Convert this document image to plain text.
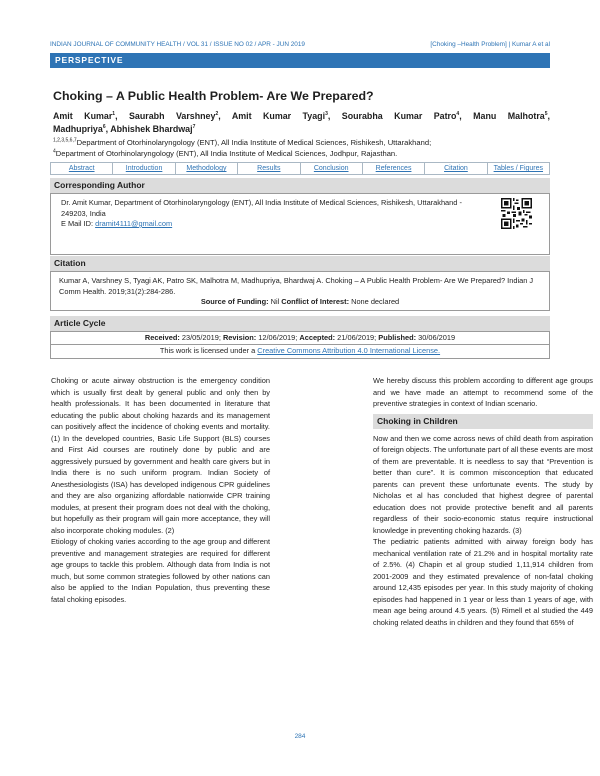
INDIAN JOURNAL OF COMMUNITY HEALTH / VOL 31 / ISSUE NO 02 / APR - JUN 2019	[Choking –Health Problem] | Kumar A et al
PERSPECTIVE
Choking – A Public Health Problem- Are We Prepared?
Amit Kumar$^1$, Saurabh Varshney$^2$, Amit Kumar Tyagi$^3$, Sourabha Kumar Patro$^4$, Manu Malhotra$^5$,
Madhupriya$^6$, Abhishek Bhardwaj$^7$
$^{1,2,3,5,6,7}$Department of Otorhinolaryngology (ENT), All India Institute of Medical Sciences, Rishikesh, Uttarakhand;
$^4$Department of Otorhinolaryngology (ENT), All India Institute of Medical Sciences, Jodhpur, Rajasthan.
Abstract	Introduction	Methodology	Results	Conclusion	References	Citation	Tables / Figures
Corresponding Author
Dr. Amit Kumar, Department of Otorhinolaryngology (ENT), All India Institute of Medical Sciences, Rishikesh, Uttarakhand - 249203, India
E Mail ID: dramit4111@gmail.com
Citation
Kumar A, Varshney S, Tyagi AK, Patro SK, Malhotra M, Madhupriya, Bhardwaj A. Choking – A Public Health Problem- Are We Prepared? Indian J Comm Health. 2019;31(2):284-286.
Source of Funding: Nil Conflict of Interest: None declared
Article Cycle
Received: 23/05/2019; Revision: 12/06/2019; Accepted: 21/06/2019; Published: 30/06/2019
This work is licensed under a Creative Commons Attribution 4.0 International License.

Choking or acute airway obstruction is the emergency condition which is usually first dealt by general public and only then by health professionals. It has been documented in literature that educating the public about choking hazards and its management can positively affect the incidence of choking events and mortality. (1) In the developed countries, Basic Life Support (BLS) courses and First Aid courses are routinely done by public and are aggressively pursued by government and health care givers but in India there is no such uniform program. Indian Society of Anesthesiologists (ISA) has developed indigenous CPR guidelines and they are also organizing affordable nationwide CPR training modules, at present their program does not deal with the choking, but hopefully as their program will gain more acceptance, they will also incorporate choking modules. (2)

Etiology of choking varies according to the age group and different preventive and management strategies are required for different age groups to tackle this problem. Although data from India is not much, but some common strategies followed by other nations can also be applied to the Indian Population, thus preventing these fatal choking episodes.

We hereby discuss this problem according to different age groups and we have made an attempt to recommend some of the preventive strategies in context of Indian scenario.

Choking in Children

Now and then we come across news of child death from aspiration of foreign objects. The unfortunate part of all these events are most of them are preventable. It is needless to say that “Prevention is better than cure”. It is common misconception that educated parents can prevent these unfortunate events. The study by Nicholas et al has concluded that highest degree of parental education does not provide protective benefit and all parents regardless of their socio-economic status require instructional knowledge in preventing choking hazards. (3)

The pediatric patients admitted with airway foreign body has mechanical ventilation rate of 21.2% and in hospital mortality rate of 2.5%. (4) Chapin et al group studied 1,11,914 children from 2001-2009 and they estimated prevalence of non-fatal choking around 12,435 episodes per year. In this study majority of choking episodes had happened in 1 year or less than 1 years of age, with mean age being around 4.5 years. (5) Rimell et al studied the 449 choking related deaths in children and they found that 65% of

284
